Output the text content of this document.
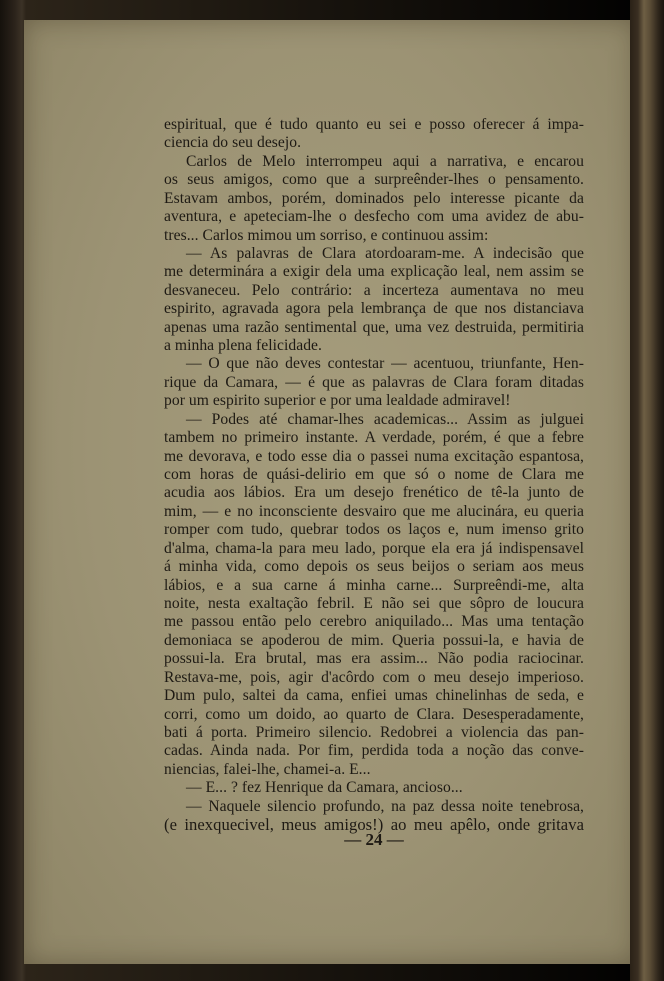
espiritual, que é tudo quanto eu sei e posso oferecer á impa-
ciencia do seu desejo.
Carlos de Melo interrompeu aqui a narrativa, e encarou
os seus amigos, como que a surpreênder-lhes o pensamento.
Estavam ambos, porém, dominados pelo interesse picante da
aventura, e apeteciam-lhe o desfecho com uma avidez de abu-
tres... Carlos mimou um sorriso, e continuou assim:
— As palavras de Clara atordoaram-me. A indecisão que
me determinára a exigir dela uma explicação leal, nem assim se
desvaneceu. Pelo contrário: a incerteza aumentava no meu
espirito, agravada agora pela lembrança de que nos distanciava
apenas uma razão sentimental que, uma vez destruida, permitiria
a minha plena felicidade.
— O que não deves contestar — acentuou, triunfante, Hen-
rique da Camara, — é que as palavras de Clara foram ditadas
por um espirito superior e por uma lealdade admiravel!
— Podes até chamar-lhes academicas... Assim as julguei
tambem no primeiro instante. A verdade, porém, é que a febre
me devorava, e todo esse dia o passei numa excitação espantosa,
com horas de quási-delirio em que só o nome de Clara me
acudia aos lábios. Era um desejo frenético de tê-la junto de
mim, — e no inconsciente desvairo que me alucinára, eu queria
romper com tudo, quebrar todos os laços e, num imenso grito
d'alma, chama-la para meu lado, porque ela era já indispensavel
á minha vida, como depois os seus beijos o seriam aos meus
lábios, e a sua carne á minha carne... Surpreêndi-me, alta
noite, nesta exaltação febril. E não sei que sôpro de loucura
me passou então pelo cerebro aniquilado... Mas uma tentação
demoniaca se apoderou de mim. Queria possui-la, e havia de
possui-la. Era brutal, mas era assim... Não podia raciocinar.
Restava-me, pois, agir d'acôrdo com o meu desejo imperioso.
Dum pulo, saltei da cama, enfiei umas chinelinhas de seda, e
corri, como um doido, ao quarto de Clara. Desesperadamente,
bati á porta. Primeiro silencio. Redobrei a violencia das pan-
cadas. Ainda nada. Por fim, perdida toda a noção das conve-
niencias, falei-lhe, chamei-a. E...
— E... ? fez Henrique da Camara, ancioso...
— Naquele silencio profundo, na paz dessa noite tenebrosa,
(e inexquecivel, meus amigos!) ao meu apêlo, onde gritava
— 24 —
